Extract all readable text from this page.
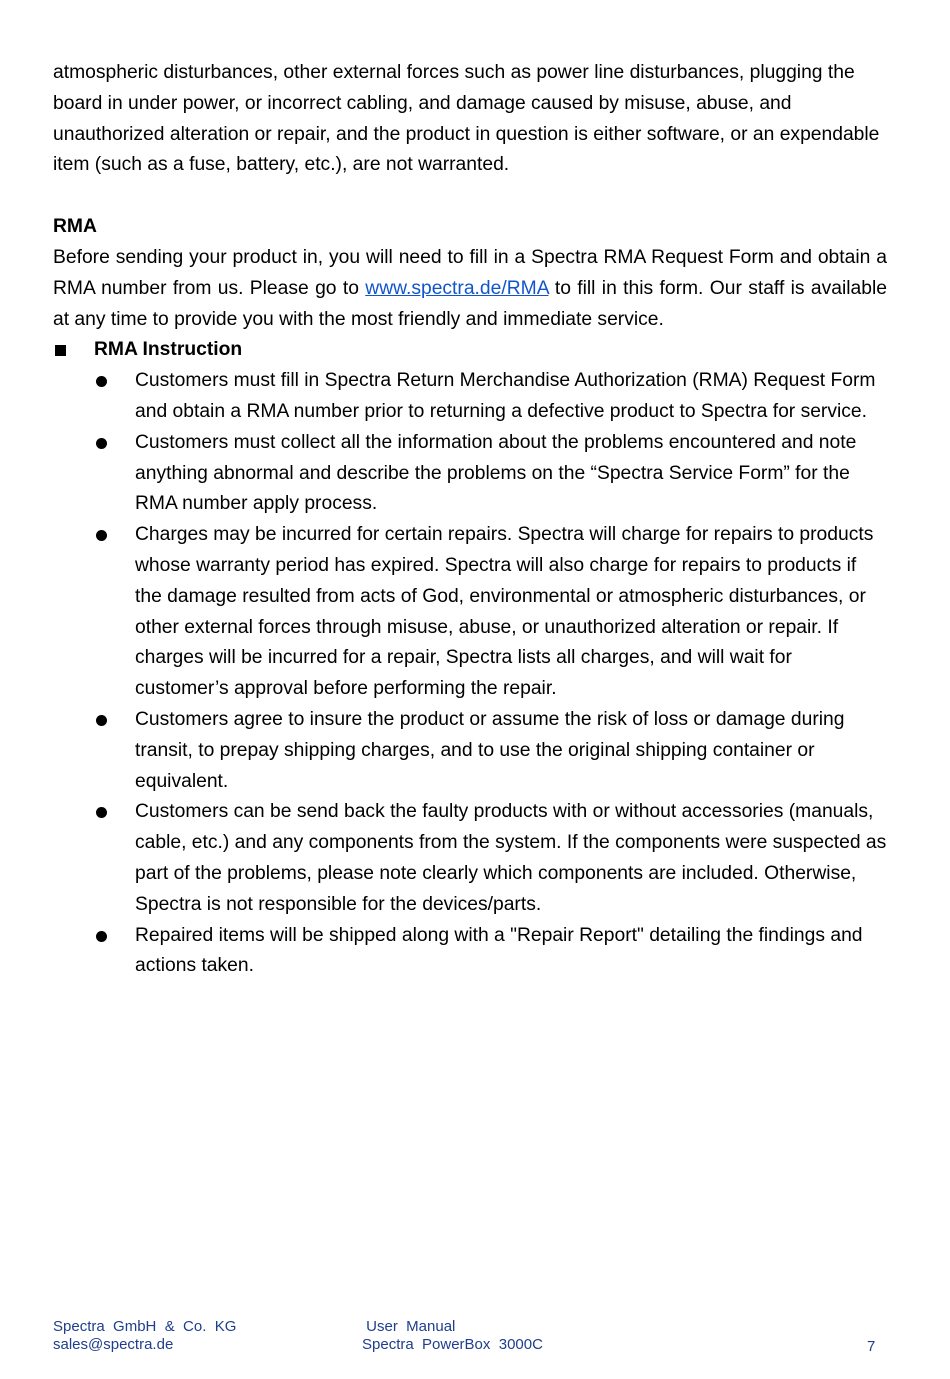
atmospheric disturbances, other external forces such as power line disturbances, plugging the board in under power, or incorrect cabling, and damage caused by misuse, abuse, and unauthorized alteration or repair, and the product in question is either software, or an expendable item (such as a fuse, battery, etc.), are not warranted.

RMA

Before sending your product in, you will need to fill in a Spectra RMA Request Form and obtain a RMA number from us. Please go to www.spectra.de/RMA to fill in this form. Our staff is available at any time to provide you with the most friendly and immediate service.

RMA Instruction
Customers must fill in Spectra Return Merchandise Authorization (RMA) Request Form and obtain a RMA number prior to returning a defective product to Spectra for service.
Customers must collect all the information about the problems encountered and note anything abnormal and describe the problems on the “Spectra Service Form” for the RMA number apply process.
Charges may be incurred for certain repairs. Spectra will charge for repairs to products whose warranty period has expired. Spectra will also charge for repairs to products if the damage resulted from acts of God, environmental or atmospheric disturbances, or other external forces through misuse, abuse, or unauthorized alteration or repair. If charges will be incurred for a repair, Spectra lists all charges, and will wait for customer’s approval before performing the repair.
Customers agree to insure the product or assume the risk of loss or damage during transit, to prepay shipping charges, and to use the original shipping container or equivalent.
Customers can be send back the faulty products with or without accessories (manuals, cable, etc.) and any components from the system. If the components were suspected as part of the problems, please note clearly which components are included. Otherwise, Spectra is not responsible for the devices/parts.
Repaired items will be shipped along with a "Repair Report" detailing the findings and actions taken.
Spectra  GmbH  &  Co.  KG
sales@spectra.de
User  Manual
Spectra  PowerBox  3000C	7
